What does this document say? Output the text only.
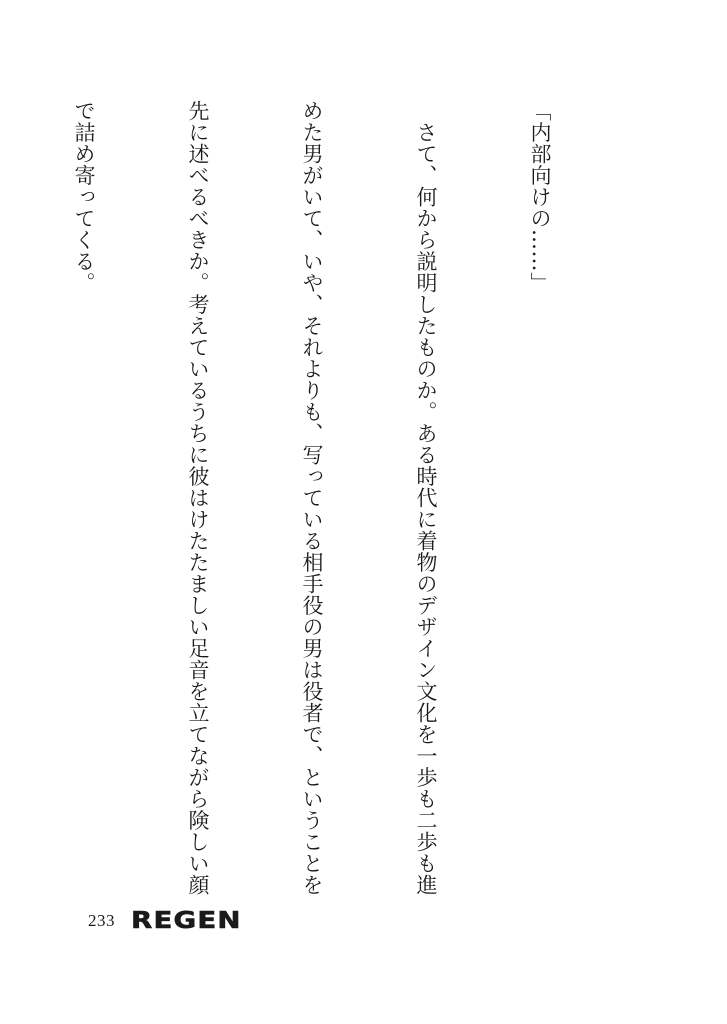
「内部向けの……」

　さて、何から説明したものか。ある時代に着物のデザイン文化を一歩も二歩も進

めた男がいて、いや、それよりも、写っている相手役の男は役者で、ということを

先に述べるべきか。考えているうちに彼はけたたましい足音を立てながら険しい顔

で詰め寄ってくる。

233 REGEN
